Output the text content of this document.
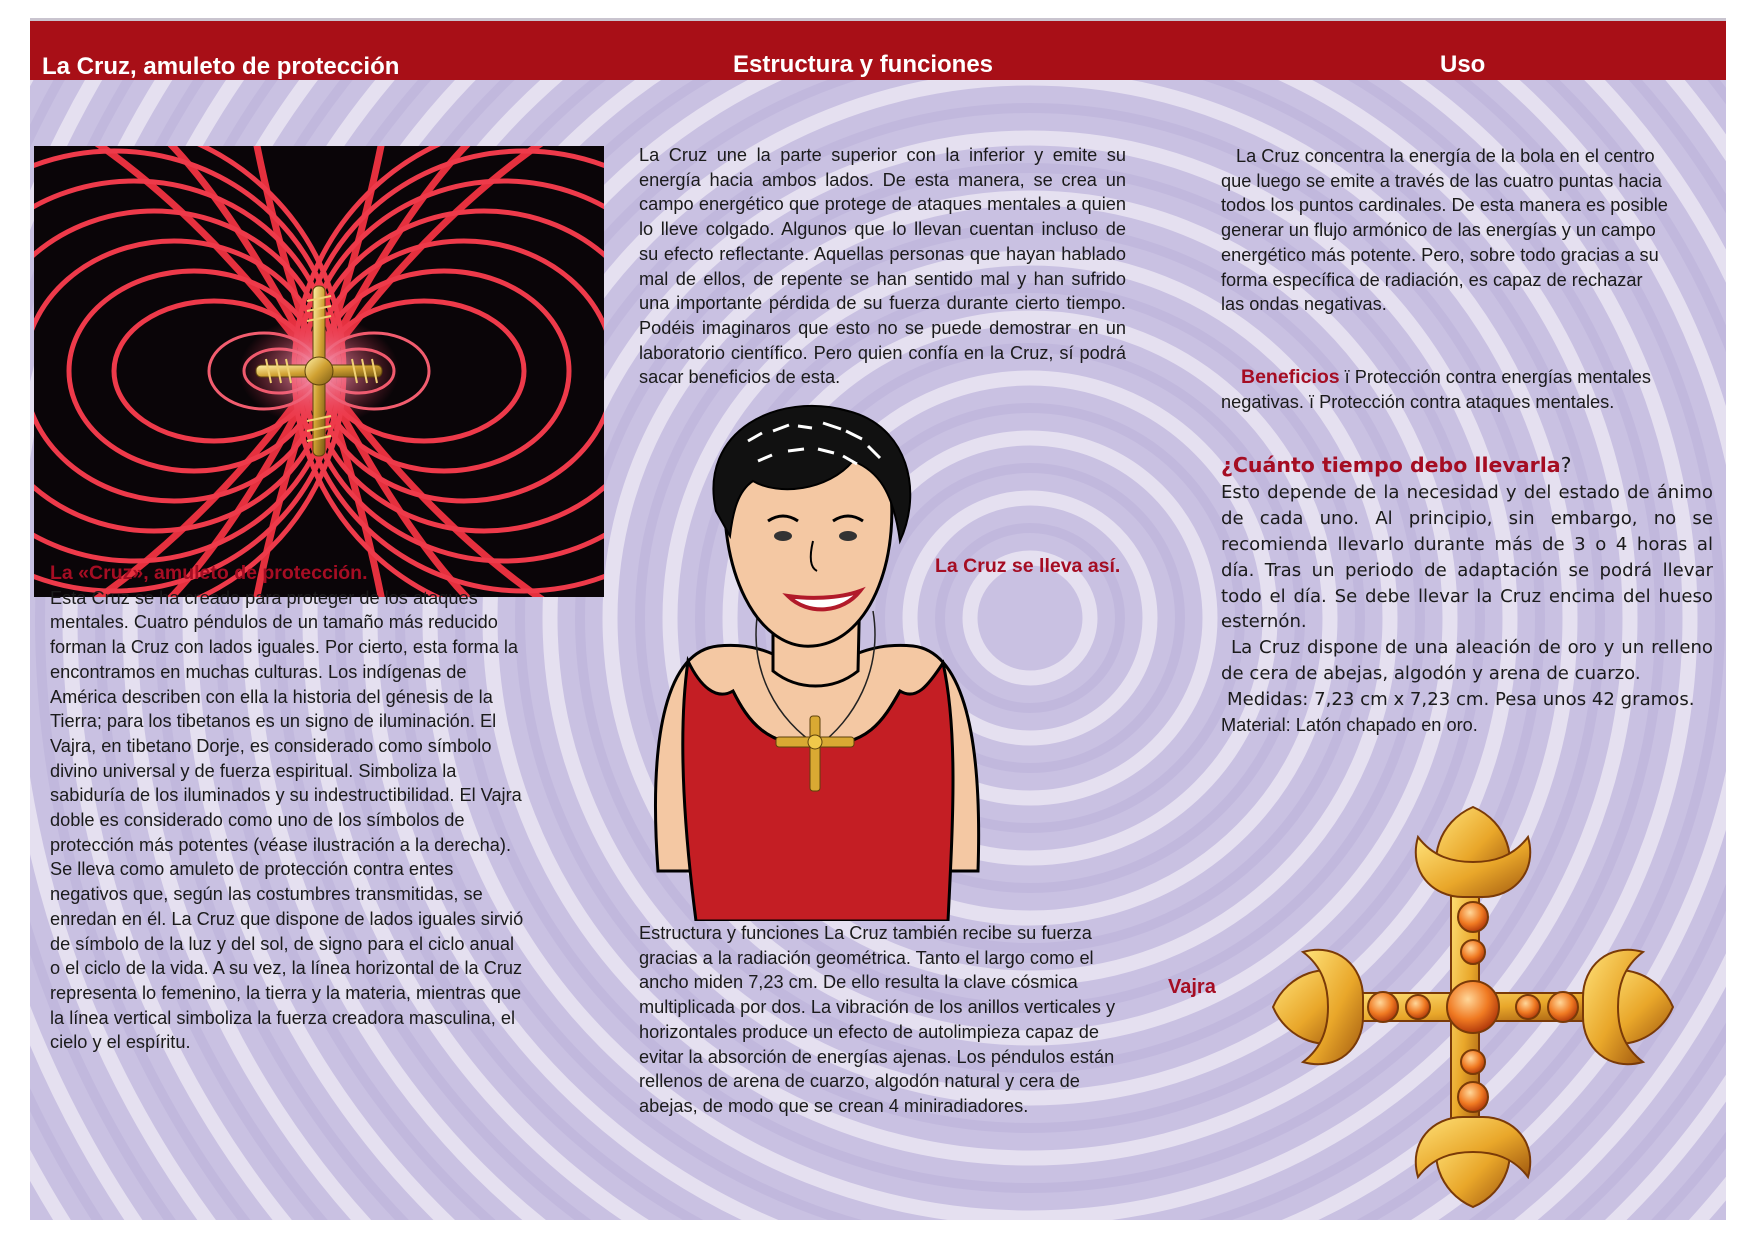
La Cruz, amuleto de protección	Estructura y funciones	Uso
La «Cruz», amuleto de protección.
Esta Cruz se ha creado para proteger de los ataques
mentales. Cuatro péndulos de un tamaño más reducido
forman la Cruz con lados iguales. Por cierto, esta forma la
encontramos en muchas culturas. Los indígenas de
América describen con ella la historia del génesis de la
Tierra; para los tibetanos es un signo de iluminación. El
Vajra, en tibetano Dorje, es considerado como símbolo
divino universal y de fuerza espiritual. Simboliza la
sabiduría de los iluminados y su indestructibilidad. El Vajra
doble es considerado como uno de los símbolos de
protección más potentes (véase ilustración a la derecha).
Se lleva como amuleto de protección contra entes
negativos que, según las costumbres transmitidas, se
enredan en él. La Cruz que dispone de lados iguales sirvió
de símbolo de la luz y del sol, de signo para el ciclo anual
o el ciclo de la vida. A su vez, la línea horizontal de la Cruz
representa lo femenino, la tierra y la materia, mientras que
la línea vertical simboliza la fuerza creadora masculina, el
cielo y el espíritu.
La Cruz une la parte superior con la inferior y emite su energía hacia ambos lados. De esta manera, se crea un campo energético que protege de ataques mentales a quien lo lleve colgado. Algunos que lo llevan cuentan incluso de su efecto reflectante. Aquellas personas que hayan hablado mal de ellos, de repente se han sentido mal y han sufrido una importante pérdida de su fuerza durante cierto tiempo. Podéis imaginaros que esto no se puede demostrar en un laboratorio científico. Pero quien confía en la Cruz, sí podrá sacar beneficios de esta.
La Cruz se lleva así.
Estructura y funciones La Cruz también recibe su fuerza
gracias a la radiación geométrica. Tanto el largo como el
ancho miden 7,23 cm. De ello resulta la clave cósmica
multiplicada por dos. La vibración de los anillos verticales y
horizontales produce un efecto de autolimpieza capaz de
evitar la absorción de energías ajenas. Los péndulos están
rellenos de arena de cuarzo, algodón natural y cera de
abejas, de modo que se crean 4 miniradiadores.
La Cruz concentra la energía de la bola en el centro
que luego se emite a través de las cuatro puntas hacia
todos los puntos cardinales. De esta manera es posible
generar un flujo armónico de las energías y un campo
energético más potente. Pero, sobre todo gracias a su
forma específica de radiación, es capaz de rechazar
las ondas negativas.
Beneficios ï Protección contra energías mentales
negativas. ï Protección contra ataques mentales.
¿Cuánto tiempo debo llevarla?
Esto depende de la necesidad y del estado de ánimo de cada uno. Al principio, sin embargo, no se recomienda llevarlo durante más de 3 o 4 horas al día. Tras un periodo de adaptación se podrá llevar todo el día. Se debe llevar la Cruz encima del hueso esternón.
La Cruz dispone de una aleación de oro y un relleno de cera de abejas, algodón y arena de cuarzo.
Medidas: 7,23 cm x 7,23 cm. Pesa unos 42 gramos.
Material: Latón chapado en oro.
Vajra
